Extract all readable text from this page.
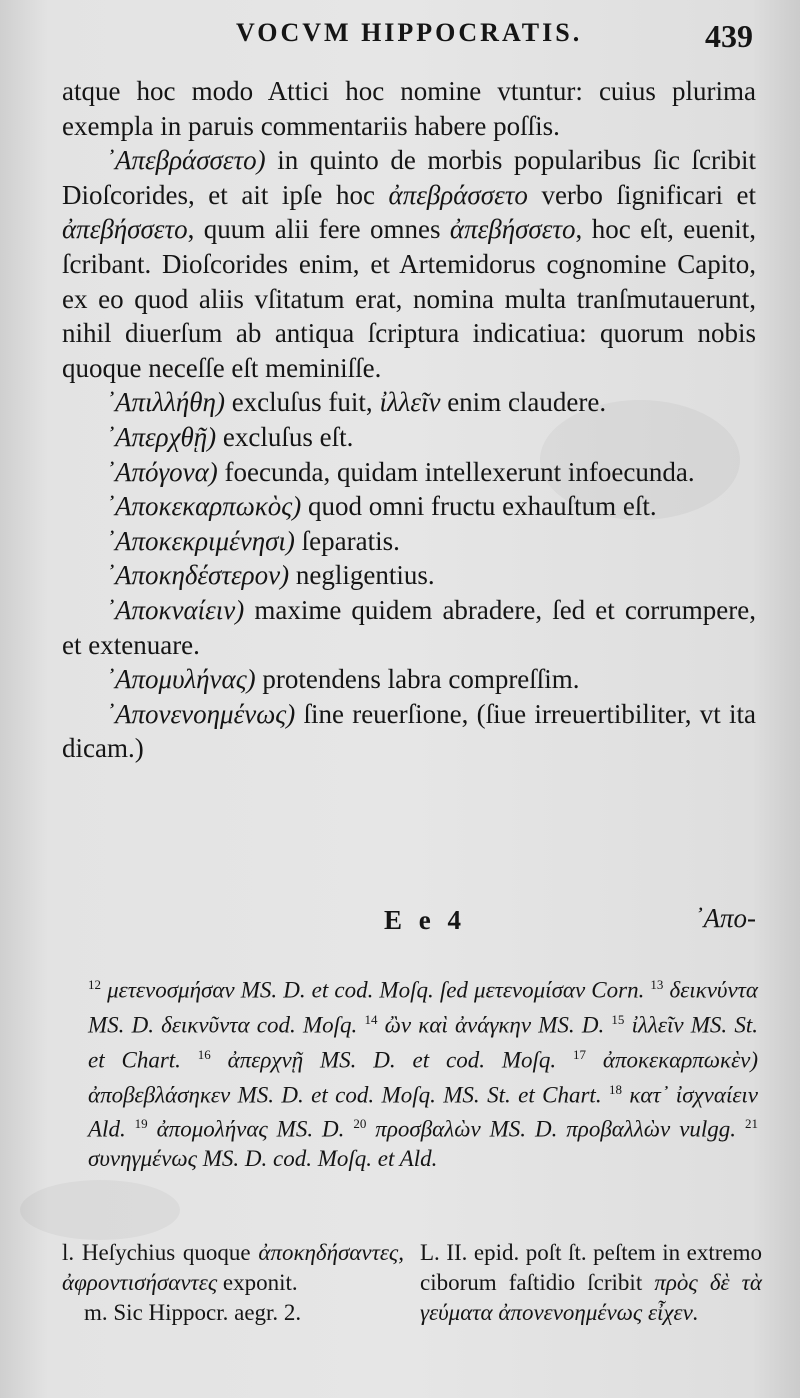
VOCVM HIPPOCRATIS.	439

atque hoc modo Attici hoc nomine vtuntur: cuius plurima exempla in paruis commentariis habere poſſis.

᾿Απεβράσσετο) in quinto de morbis popularibus ſic ſcribit Dioſcorides, et ait ipſe hoc ἀπεβράσσετο verbo ſignificari et ἀπεβήσσετο, quum alii fere omnes ἀπεβήσσετο, hoc eſt, euenit, ſcribant. Dioſcorides enim, et Artemidorus cognomine Capito, ex eo quod aliis vſitatum erat, nomina multa tranſmutauerunt, nihil diuerſum ab antiqua ſcriptura indicatiua: quorum nobis quoque neceſſe eſt meminiſſe.

᾿Απιλλήθη) excluſus fuit, ἰλλεῖν enim claudere.

᾿Απερχθῇ) excluſus eſt.

᾿Απόγονα) foecunda, quidam intellexerunt infoecunda.

᾿Αποκεκαρπωκὸς) quod omni fructu exhauſtum eſt.

᾿Αποκεκριμένησι) ſeparatis.

᾿Αποκηδέστερον) negligentius.

᾿Αποκναίειν) maxime quidem abradere, ſed et corrumpere, et extenuare.

᾿Απομυλήνας) protendens labra compreſſim.

᾿Απονενοημένως) ſine reuerſione, (ſiue irreuertibiliter, vt ita dicam.)

E e 4	᾿Απο-
$^{12}$ μετενοσμήσαν MS. D. et cod. Moſq. ſed μετενομίσαν Corn. $^{13}$ δεικνύντα MS. D. δεικνῦντα cod. Moſq. $^{14}$ ὢν καὶ ἀνάγκην MS. D. $^{15}$ ἰλλεῖν MS. St. et Chart. $^{16}$ ἀπερχνῇ MS. D. et cod. Moſq. $^{17}$ ἀποκεκαρπωκὲν) ἀποβεβλάσηκεν MS. D. et cod. Moſq. MS. St. et Chart. $^{18}$ κατ᾽ ἰσχναίειν Ald. $^{19}$ ἀπομολήνας MS. D. $^{20}$ προσβαλὼν MS. D. προβαλλὼν vulgg. $^{21}$ συνηγμένως MS. D. cod. Moſq. et Ald.

l. Heſychius quoque ἀποκηδήσαντες, ἀφροντισήσαντες exponit.

m. Sic Hippocr. aegr. 2.

L. II. epid. poſt ſt. peſtem in extremo ciborum faſtidio ſcribit πρὸς δὲ τὰ γεύματα ἀπονενοημένως εἶχεν.
